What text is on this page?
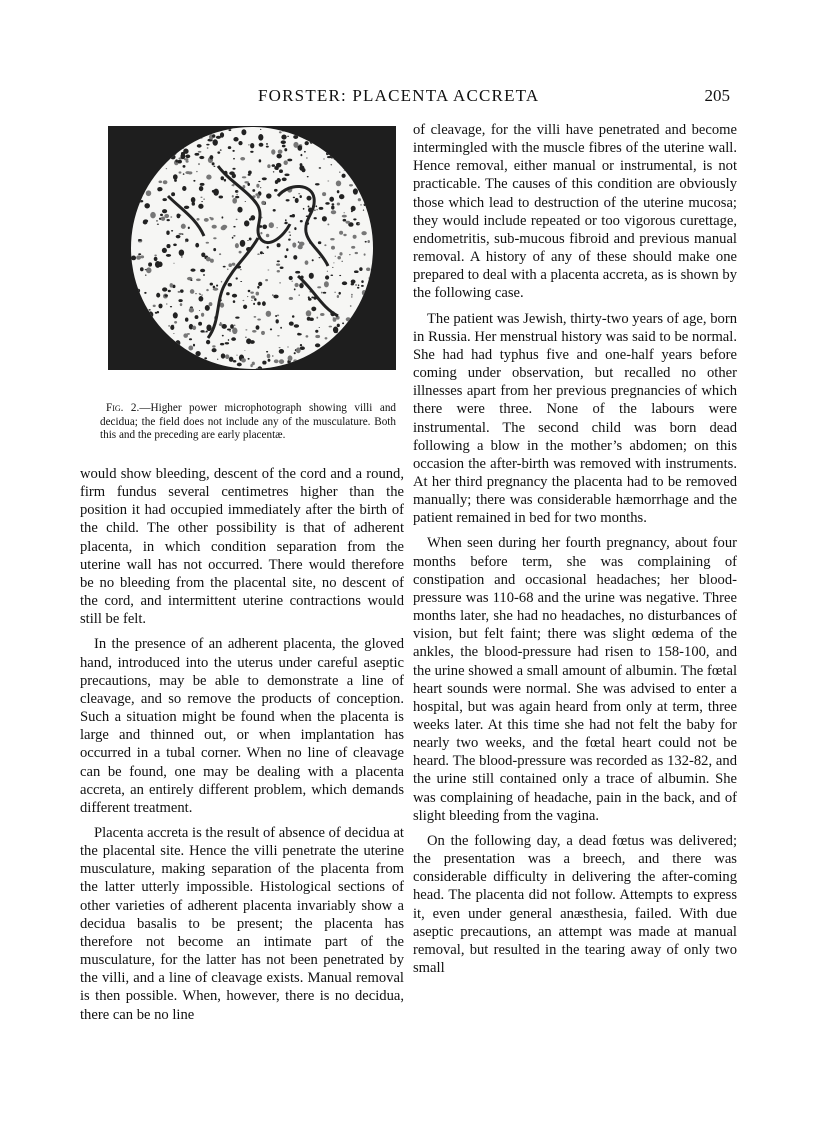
FORSTER: PLACENTA ACCRETA	205
Fig. 2.—Higher power microphotograph showing villi and decidua; the field does not include any of the musculature. Both this and the preceding are early placentæ.

would show bleeding, descent of the cord and a round, firm fundus several centimetres higher than the position it had occupied immediately after the birth of the child. The other possibility is that of adherent placenta, in which condition separation from the uterine wall has not occurred. There would therefore be no bleeding from the placental site, no descent of the cord, and intermittent uterine contractions would still be felt.

In the presence of an adherent placenta, the gloved hand, introduced into the uterus under careful aseptic precautions, may be able to demonstrate a line of cleavage, and so remove the products of conception. Such a situation might be found when the placenta is large and thinned out, or when implantation has occurred in a tubal corner. When no line of cleavage can be found, one may be dealing with a placenta accreta, an entirely different problem, which demands different treatment.

Placenta accreta is the result of absence of decidua at the placental site. Hence the villi penetrate the uterine musculature, making separation of the placenta from the latter utterly impossible. Histological sections of other varieties of adherent placenta invariably show a decidua basalis to be present; the placenta has therefore not become an intimate part of the musculature, for the latter has not been penetrated by the villi, and a line of cleavage exists. Manual removal is then possible. When, however, there is no decidua, there can be no line

of cleavage, for the villi have penetrated and become intermingled with the muscle fibres of the uterine wall. Hence removal, either manual or instrumental, is not practicable. The causes of this condition are obviously those which lead to destruction of the uterine mucosa; they would include repeated or too vigorous curettage, endometritis, sub-mucous fibroid and previous manual removal. A history of any of these should make one prepared to deal with a placenta accreta, as is shown by the following case.

The patient was Jewish, thirty-two years of age, born in Russia. Her menstrual history was said to be normal. She had had typhus five and one-half years before coming under observation, but recalled no other illnesses apart from her previous pregnancies of which there were three. None of the labours were instrumental. The second child was born dead following a blow in the mother’s abdomen; on this occasion the after-birth was removed with instruments. At her third pregnancy the placenta had to be removed manually; there was considerable hæmorrhage and the patient remained in bed for two months.

When seen during her fourth pregnancy, about four months before term, she was complaining of constipation and occasional headaches; her blood-pressure was 110-68 and the urine was negative. Three months later, she had no headaches, no disturbances of vision, but felt faint; there was slight œdema of the ankles, the blood-pressure had risen to 158-100, and the urine showed a small amount of albumin. The fœtal heart sounds were normal. She was advised to enter a hospital, but was again heard from only at term, three weeks later. At this time she had not felt the baby for nearly two weeks, and the fœtal heart could not be heard. The blood-pressure was recorded as 132-82, and the urine still contained only a trace of albumin. She was complaining of headache, pain in the back, and of slight bleeding from the vagina.

On the following day, a dead fœtus was delivered; the presentation was a breech, and there was considerable difficulty in delivering the after-coming head. The placenta did not follow. Attempts to express it, even under general anæsthesia, failed. With due aseptic precautions, an attempt was made at manual removal, but resulted in the tearing away of only two small
